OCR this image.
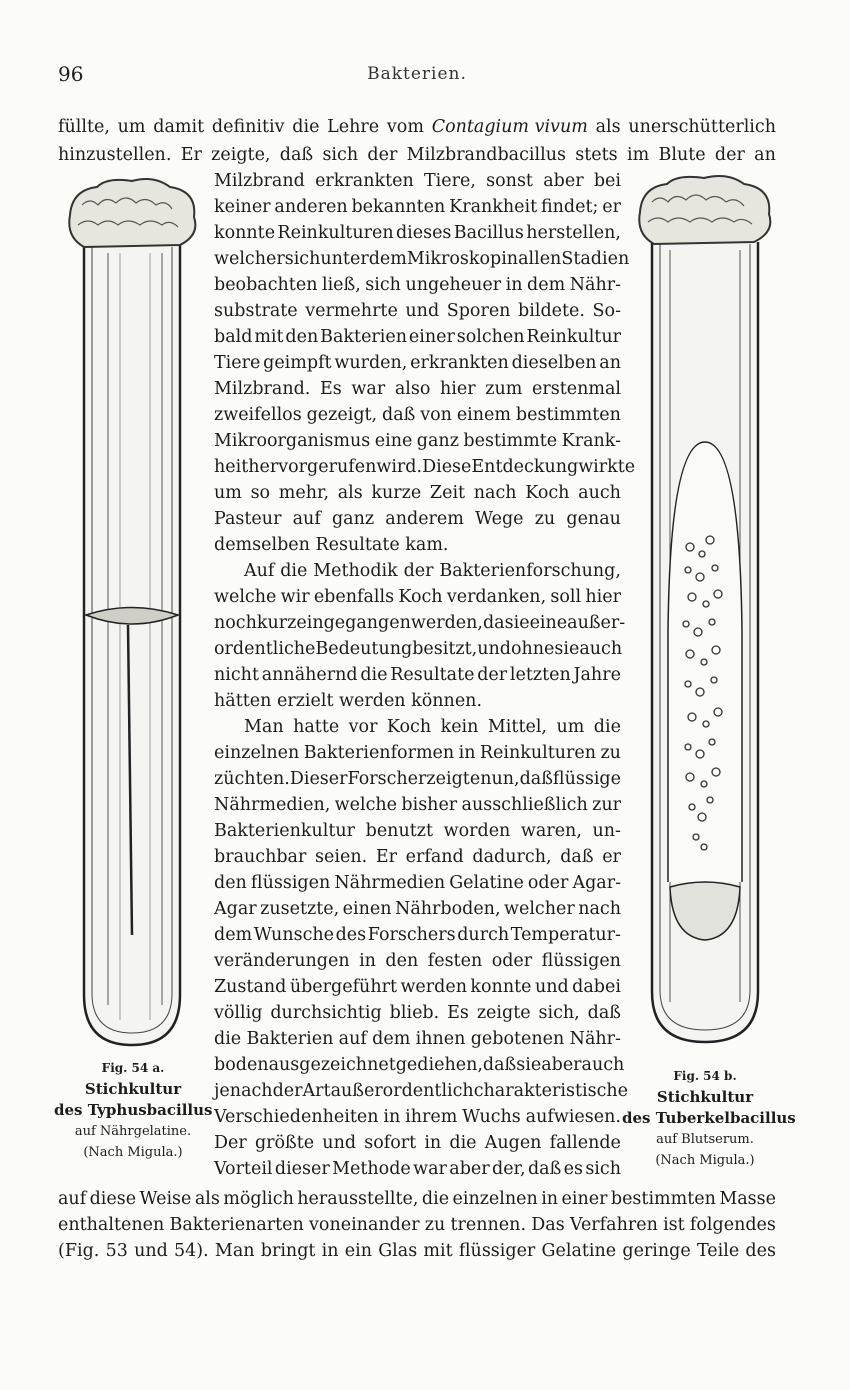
96	Bakterien.
füllte, um damit definitiv die Lehre vom Contagium vivum als unerschütterlich
hinzustellen. Er zeigte, daß sich der Milzbrandbacillus stets im Blute der an
Milzbrand erkrankten Tiere, sonst aber bei
keiner anderen bekannten Krankheit findet; er
konnte Reinkulturen dieses Bacillus herstellen,
welcher sich unter dem Mikroskop in allen Stadien
beobachten ließ, sich ungeheuer in dem Nähr-
substrate vermehrte und Sporen bildete. So-
bald mit den Bakterien einer solchen Reinkultur
Tiere geimpft wurden, erkrankten dieselben an
Milzbrand. Es war also hier zum erstenmal
zweifellos gezeigt, daß von einem bestimmten
Mikroorganismus eine ganz bestimmte Krank-
heit hervorgerufen wird. Diese Entdeckung wirkte
um so mehr, als kurze Zeit nach Koch auch
Pasteur auf ganz anderem Wege zu genau
demselben Resultate kam.
Auf die Methodik der Bakterienforschung,
welche wir ebenfalls Koch verdanken, soll hier
noch kurz eingegangen werden, da sie eine außer-
ordentliche Bedeutung besitzt, und ohne sie auch
nicht annähernd die Resultate der letzten Jahre
hätten erzielt werden können.
Man hatte vor Koch kein Mittel, um die
einzelnen Bakterienformen in Reinkulturen zu
züchten. Dieser Forscher zeigte nun, daß flüssige
Nährmedien, welche bisher ausschließlich zur
Bakterienkultur benutzt worden waren, un-
brauchbar seien. Er erfand dadurch, daß er
den flüssigen Nährmedien Gelatine oder Agar-
Agar zusetzte, einen Nährboden, welcher nach
dem Wunsche des Forschers durch Temperatur-
veränderungen in den festen oder flüssigen
Zustand übergeführt werden konnte und dabei
völlig durchsichtig blieb. Es zeigte sich, daß
die Bakterien auf dem ihnen gebotenen Nähr-
boden ausgezeichnet gediehen, daß sie aber auch
je nach der Art außerordentlich charakteristische
Verschiedenheiten in ihrem Wuchs aufwiesen.
Der größte und sofort in die Augen fallende
Vorteil dieser Methode war aber der, daß es sich
auf diese Weise als möglich herausstellte, die einzelnen in einer bestimmten Masse
enthaltenen Bakterienarten voneinander zu trennen. Das Verfahren ist folgendes
(Fig. 53 und 54). Man bringt in ein Glas mit flüssiger Gelatine geringe Teile des
Fig. 54 a.
Stichkultur
des Typhusbacillus
auf Nährgelatine.
(Nach Migula.)
Fig. 54 b.
Stichkultur
des Tuberkelbacillus
auf Blutserum.
(Nach Migula.)
